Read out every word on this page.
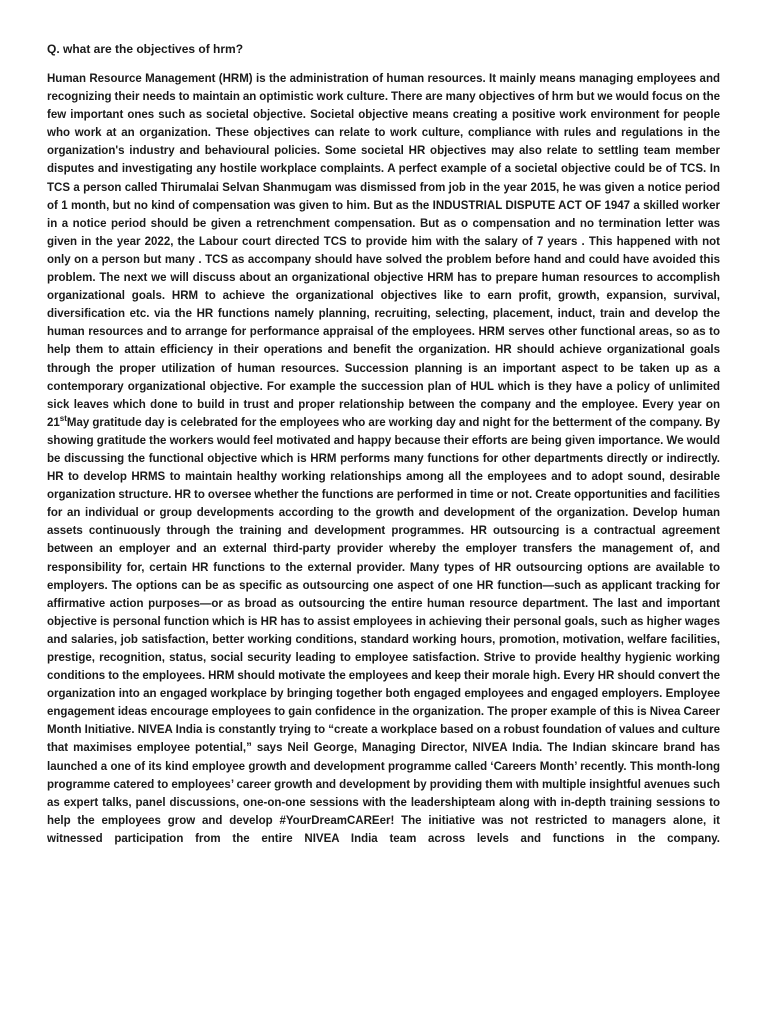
Q. what are the objectives of hrm?

Human Resource Management (HRM) is the administration of human resources. It mainly means managing employees and recognizing their needs to maintain an optimistic work culture. There are many objectives of hrm but we would focus on the few important ones such as societal objective. Societal objective means creating a positive work environment for people who work at an organization. These objectives can relate to work culture, compliance with rules and regulations in the organization's industry and behavioural policies. Some societal HR objectives may also relate to settling team member disputes and investigating any hostile workplace complaints. A perfect example of a societal objective could be of TCS. In TCS a person called Thirumalai Selvan Shanmugam was dismissed from job in the year 2015, he was given a notice period of 1 month, but no kind of compensation was given to him. But as the INDUSTRIAL DISPUTE ACT OF 1947 a skilled worker in a notice period should be given a retrenchment compensation. But as o compensation and no termination letter was given in the year 2022, the Labour court directed TCS to provide him with the salary of 7 years . This happened with not only on a person but many . TCS as accompany should have solved the problem before hand and could have avoided this problem. The next we will discuss about an organizational objective HRM has to prepare human resources to accomplish organizational goals. HRM to achieve the organizational objectives like to earn profit, growth, expansion, survival, diversification etc. via the HR functions namely planning, recruiting, selecting, placement, induct, train and develop the human resources and to arrange for performance appraisal of the employees. HRM serves other functional areas, so as to help them to attain efficiency in their operations and benefit the organization. HR should achieve organizational goals through the proper utilization of human resources. Succession planning is an important aspect to be taken up as a contemporary organizational objective. For example the succession plan of HUL which is they have a policy of unlimited sick leaves which done to build in trust and proper relationship between the company and the employee. Every year on 21stMay gratitude day is celebrated for the employees who are working day and night for the betterment of the company. By showing gratitude the workers would feel motivated and happy because their efforts are being given importance. We would be discussing the functional objective which is HRM performs many functions for other departments directly or indirectly. HR to develop HRMS to maintain healthy working relationships among all the employees and to adopt sound, desirable organization structure. HR to oversee whether the functions are performed in time or not. Create opportunities and facilities for an individual or group developments according to the growth and development of the organization. Develop human assets continuously through the training and development programmes. HR outsourcing is a contractual agreement between an employer and an external third-party provider whereby the employer transfers the management of, and responsibility for, certain HR functions to the external provider. Many types of HR outsourcing options are available to employers. The options can be as specific as outsourcing one aspect of one HR function—such as applicant tracking for affirmative action purposes—or as broad as outsourcing the entire human resource department. The last and important objective is personal function which is HR has to assist employees in achieving their personal goals, such as higher wages and salaries, job satisfaction, better working conditions, standard working hours, promotion, motivation, welfare facilities, prestige, recognition, status, social security leading to employee satisfaction. Strive to provide healthy hygienic working conditions to the employees. HRM should motivate the employees and keep their morale high. Every HR should convert the organization into an engaged workplace by bringing together both engaged employees and engaged employers. Employee engagement ideas encourage employees to gain confidence in the organization. The proper example of this is Nivea Career Month Initiative. NIVEA India is constantly trying to “create a workplace based on a robust foundation of values and culture that maximises employee potential,” says Neil George, Managing Director, NIVEA India. The Indian skincare brand has launched a one of its kind employee growth and development programme called ‘Careers Month’ recently. This month-long programme catered to employees’ career growth and development by providing them with multiple insightful avenues such as expert talks, panel discussions, one-on-one sessions with the leadershipteam along with in-depth training sessions to help the employees grow and develop #YourDreamCAREer! The initiative was not restricted to managers alone, it witnessed participation from the entire NIVEA India team across levels and functions in the company.
